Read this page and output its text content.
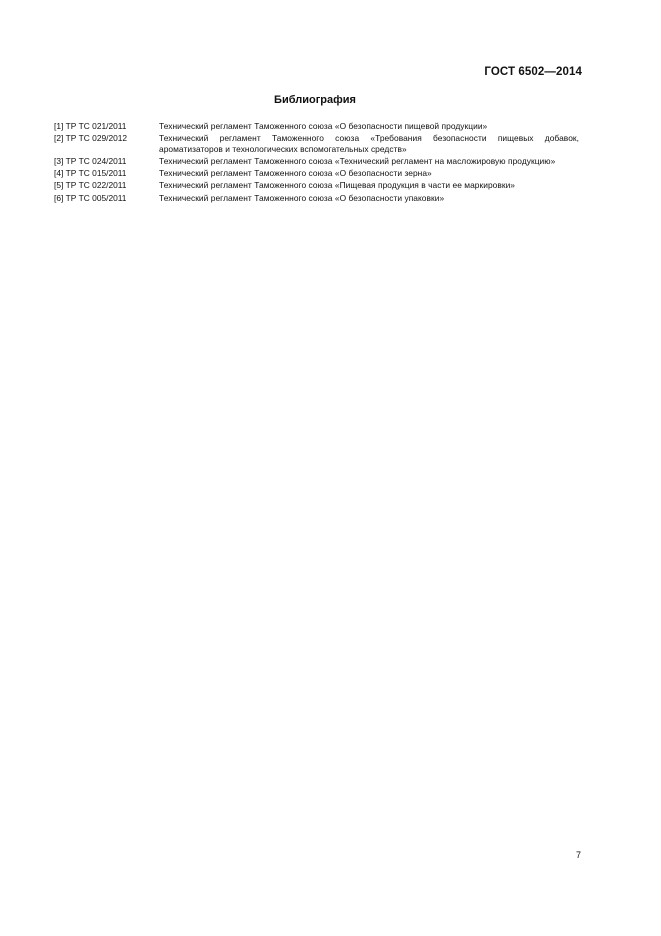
ГОСТ 6502—2014
Библиография
[1] ТР ТС 021/2011	Технический регламент Таможенного союза «О безопасности пищевой продукции»
[2] ТР ТС 029/2012	Технический регламент Таможенного союза «Требования безопасности пищевых добавок, ароматизаторов и технологических вспомогательных средств»
[3] ТР ТС 024/2011	Технический регламент Таможенного союза «Технический регламент на масложировую продукцию»
[4] ТР ТС 015/2011	Технический регламент Таможенного союза «О безопасности зерна»
[5] ТР ТС 022/2011	Технический регламент Таможенного союза «Пищевая продукция в части ее маркировки»
[6] ТР ТС 005/2011	Технический регламент Таможенного союза «О безопасности упаковки»
7
